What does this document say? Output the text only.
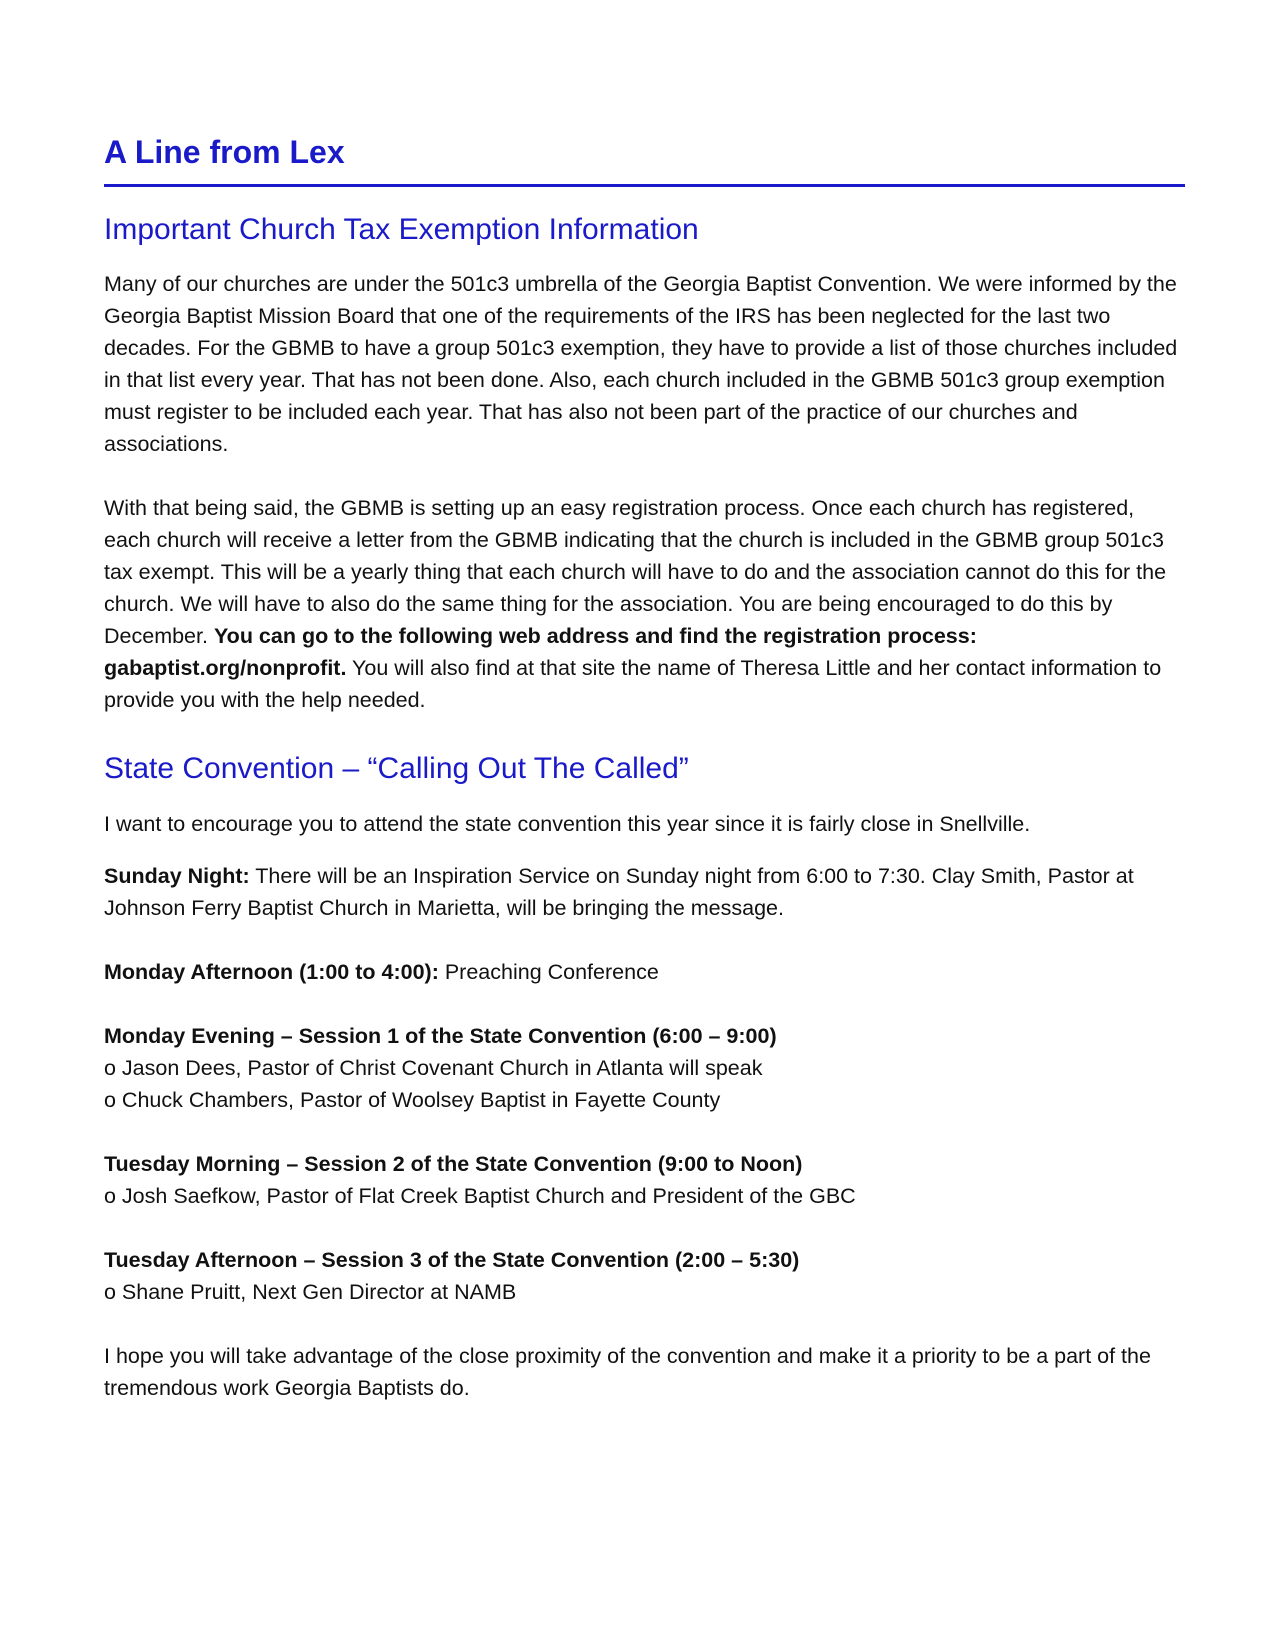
A Line from Lex
Important Church Tax Exemption Information

Many of our churches are under the 501c3 umbrella of the Georgia Baptist Convention. We were informed by the Georgia Baptist Mission Board that one of the requirements of the IRS has been neglected for the last two decades. For the GBMB to have a group 501c3 exemption, they have to provide a list of those churches included in that list every year. That has not been done. Also, each church included in the GBMB 501c3 group exemption must register to be included each year. That has also not been part of the practice of our churches and associations.

With that being said, the GBMB is setting up an easy registration process. Once each church has registered, each church will receive a letter from the GBMB indicating that the church is included in the GBMB group 501c3 tax exempt. This will be a yearly thing that each church will have to do and the association cannot do this for the church. We will have to also do the same thing for the association. You are being encouraged to do this by December. You can go to the following web address and find the registration process: gabaptist.org/nonprofit. You will also find at that site the name of Theresa Little and her contact information to provide you with the help needed.

State Convention – “Calling Out The Called”

I want to encourage you to attend the state convention this year since it is fairly close in Snellville.

Sunday Night: There will be an Inspiration Service on Sunday night from 6:00 to 7:30. Clay Smith, Pastor at Johnson Ferry Baptist Church in Marietta, will be bringing the message.

Monday Afternoon (1:00 to 4:00): Preaching Conference

Monday Evening – Session 1 of the State Convention (6:00 – 9:00)

o Jason Dees, Pastor of Christ Covenant Church in Atlanta will speak
o Chuck Chambers, Pastor of Woolsey Baptist in Fayette County

Tuesday Morning – Session 2 of the State Convention (9:00 to Noon)

o Josh Saefkow, Pastor of Flat Creek Baptist Church and President of the GBC

Tuesday Afternoon – Session 3 of the State Convention (2:00 – 5:30)

o Shane Pruitt, Next Gen Director at NAMB

I hope you will take advantage of the close proximity of the convention and make it a priority to be a part of the tremendous work Georgia Baptists do.
